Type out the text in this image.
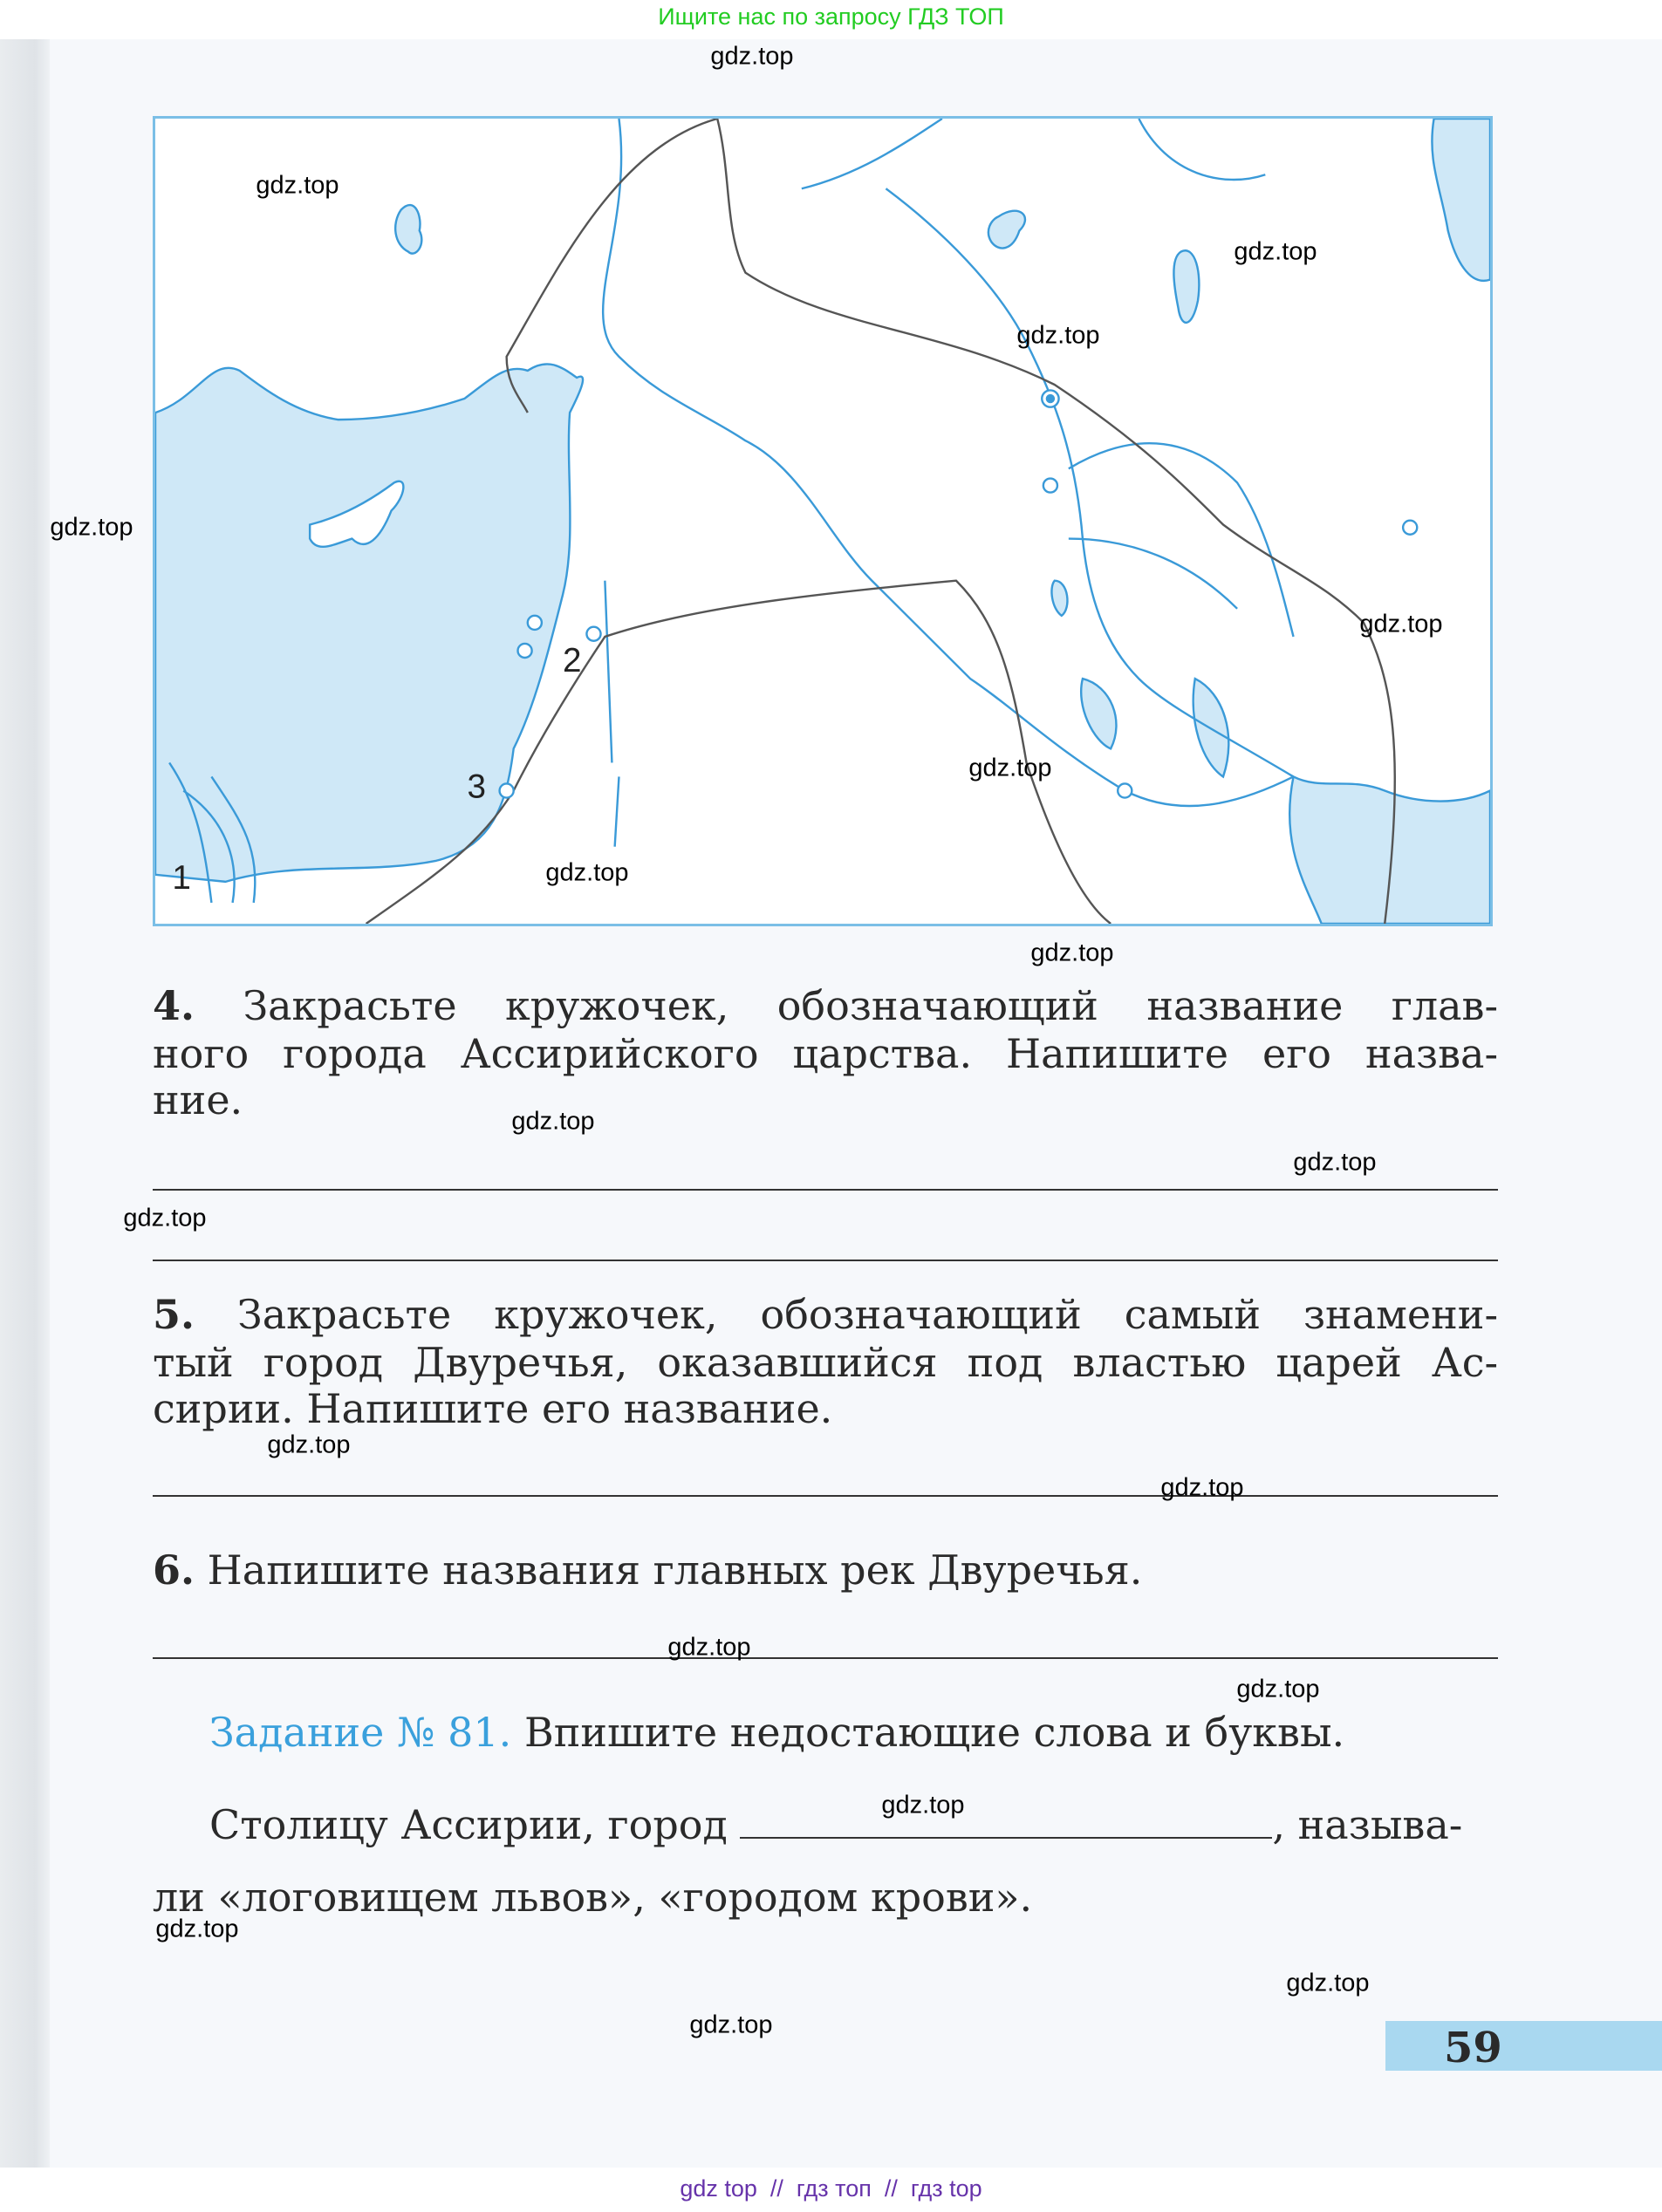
Ищите нас по запросу ГДЗ ТОП
1
2
3
4. Закрасьте кружочек, обозначающий название глав-
ного города Ассирийского царства. Напишите его назва-
ние.
5. Закрасьте кружочек, обозначающий самый знамени-
тый город Двуречья, оказавшийся под властью царей Ас-
сирии. Напишите его название.
6. Напишите названия главных рек Двуречья.
Задание № 81. Впишите недостающие слова и буквы.
Столицу Ассирии, город	, называ-
ли «логовищем львов», «городом крови».
59
gdz.top
gdz.top
gdz.top
gdz.top
gdz.top
gdz.top
gdz.top
gdz.top
gdz.top
gdz.top
gdz.top
gdz.top
gdz.top
gdz.top
gdz.top
gdz.top
gdz.top
gdz.top
gdz.top
gdz.top
gdz top  //  гдз топ  //  гдз top
